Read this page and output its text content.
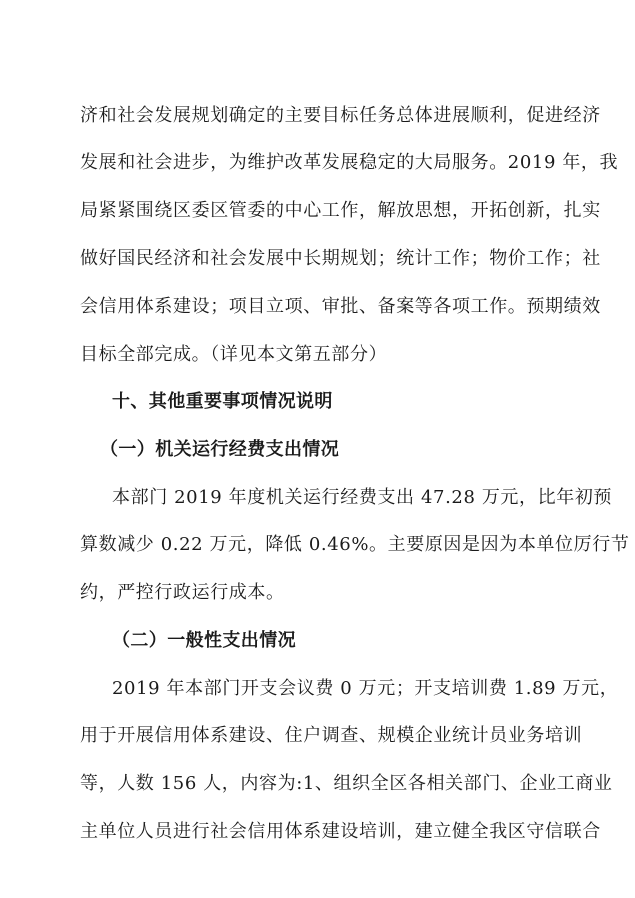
济和社会发展规划确定的主要目标任务总体进展顺利，促进经济
发展和社会进步，为维护改革发展稳定的大局服务。2019 年，我
局紧紧围绕区委区管委的中心工作，解放思想，开拓创新，扎实
做好国民经济和社会发展中长期规划；统计工作；物价工作；社
会信用体系建设；项目立项、审批、备案等各项工作。预期绩效
目标全部完成。（详见本文第五部分）
十、其他重要事项情况说明
（一）机关运行经费支出情况
本部门 2019 年度机关运行经费支出 47.28 万元，比年初预
算数减少 0.22 万元，降低 0.46%。主要原因是因为本单位厉行节
约，严控行政运行成本。
（二）一般性支出情况
2019 年本部门开支会议费 0 万元；开支培训费 1.89 万元，
用于开展信用体系建设、住户调查、规模企业统计员业务培训
等，人数 156 人，内容为:1、组织全区各相关部门、企业工商业
主单位人员进行社会信用体系建设培训，建立健全我区守信联合
